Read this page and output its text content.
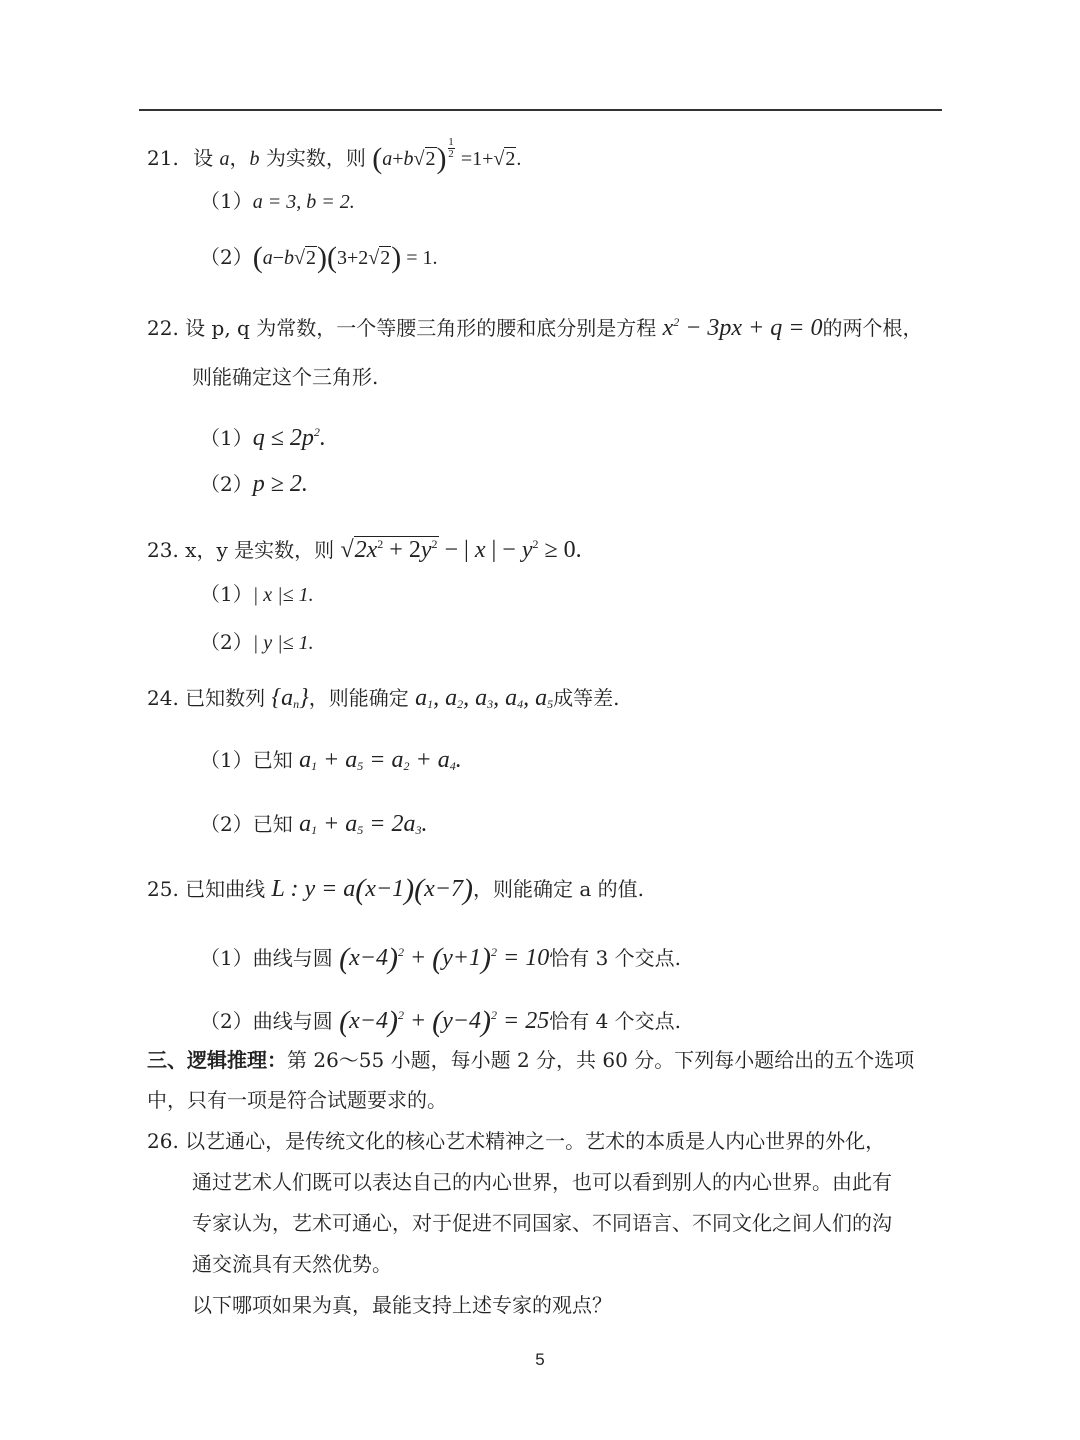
21. 设 a，b 为实数，则 $(a+b√2) \frac{1}{2} =1+√2$.
（1）a = 3, b = 2.
（2）(a−b√2)(3+2√2) = 1.
22. 设 p, q 为常数，一个等腰三角形的腰和底分别是方程 $x^2 - 3px + q = 0$的两个根，
则能确定这个三角形.
$(1)q \le 2p^2$.
（2）p ≥ 2.
23. x，y 是实数，则 $√2x^2 + 2y^2$ − | x | − $y^2 \ge 0$.
（1）| x |≤ 1.
（2）| y |≤ 1.
24. 已知数列 $\{a_n\}$，则能确定 $a_1$, $a_2$, $a_3$, $a_4$, $a_5$成等差.
（1）已知 $a_1 + a_5 = a_2 + a_4$.
（2）已知 $a_1 + a_5 = 2a_3$.
25. 已知曲线 L : y = a(x−1)(x−7)，则能确定 a 的值.
（1）曲线与圆 $(x-4)^2 + (y+1)^2 = 10$恰有 3 个交点.
（2）曲线与圆 $(x-4)^2 + (y-4)^2 = 25$恰有 4 个交点.
三、逻辑推理：第 26～55 小题，每小题 2 分，共 60 分。下列每小题给出的五个选项
中，只有一项是符合试题要求的。
26. 以艺通心，是传统文化的核心艺术精神之一。艺术的本质是人内心世界的外化，
通过艺术人们既可以表达自己的内心世界，也可以看到别人的内心世界。由此有
专家认为，艺术可通心，对于促进不同国家、不同语言、不同文化之间人们的沟
通交流具有天然优势。
以下哪项如果为真，最能支持上述专家的观点？
5
